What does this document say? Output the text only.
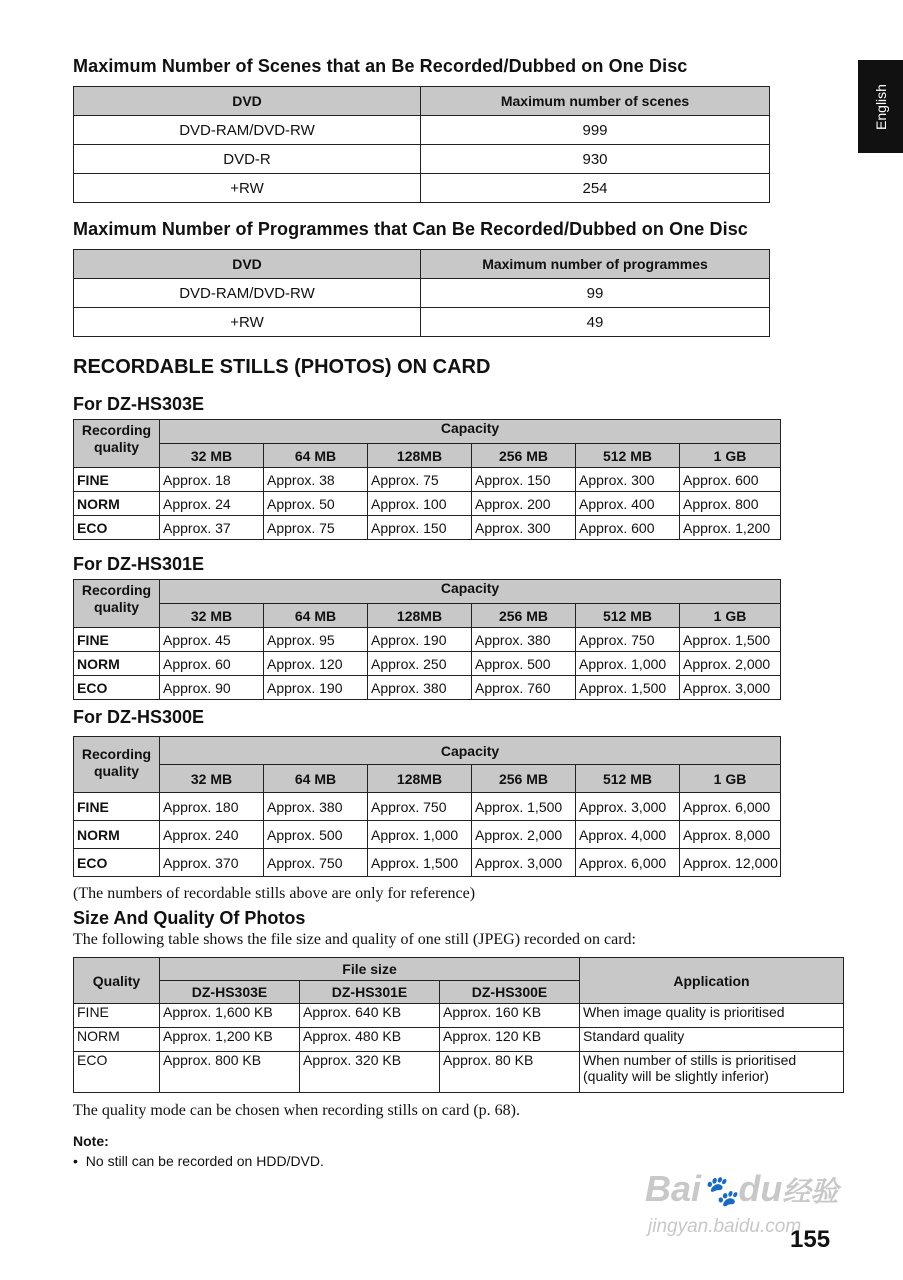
English
Maximum Number of Scenes that an Be Recorded/Dubbed on One Disc
DVD	Maximum number of scenes
DVD-RAM/DVD-RW	999
DVD-R	930
+RW	254
Maximum Number of Programmes that Can Be Recorded/Dubbed on One Disc
DVD	Maximum number of programmes
DVD-RAM/DVD-RW	99
+RW	49
RECORDABLE STILLS (PHOTOS) ON CARD
For DZ-HS303E
Recording quality	Capacity					
	32 MB	64 MB	128MB	256 MB	512 MB	1 GB
FINE	Approx. 18	Approx. 38	Approx. 75	Approx. 150	Approx. 300	Approx. 600
NORM	Approx. 24	Approx. 50	Approx. 100	Approx. 200	Approx. 400	Approx. 800
ECO	Approx. 37	Approx. 75	Approx. 150	Approx. 300	Approx. 600	Approx. 1,200
For DZ-HS301E
Recording quality	Capacity					
	32 MB	64 MB	128MB	256 MB	512 MB	1 GB
FINE	Approx. 45	Approx. 95	Approx. 190	Approx. 380	Approx. 750	Approx. 1,500
NORM	Approx. 60	Approx. 120	Approx. 250	Approx. 500	Approx. 1,000	Approx. 2,000
ECO	Approx. 90	Approx. 190	Approx. 380	Approx. 760	Approx. 1,500	Approx. 3,000
For DZ-HS300E
Recording quality	Capacity					
	32 MB	64 MB	128MB	256 MB	512 MB	1 GB
FINE	Approx. 180	Approx. 380	Approx. 750	Approx. 1,500	Approx. 3,000	Approx. 6,000
NORM	Approx. 240	Approx. 500	Approx. 1,000	Approx. 2,000	Approx. 4,000	Approx. 8,000
ECO	Approx. 370	Approx. 750	Approx. 1,500	Approx. 3,000	Approx. 6,000	Approx. 12,000
(The numbers of recordable stills above are only for reference)
Size And Quality Of Photos
The following table shows the file size and quality of one still (JPEG) recorded on card:
Quality	File size			Application
	DZ-HS303E	DZ-HS301E	DZ-HS300E	
FINE	Approx. 1,600 KB	Approx. 640 KB	Approx. 160 KB	When image quality is prioritised
NORM	Approx. 1,200 KB	Approx. 480 KB	Approx. 120 KB	Standard quality
ECO	Approx. 800 KB	Approx. 320 KB	Approx. 80 KB	When number of stills is prioritised (quality will be slightly inferior)
The quality mode can be chosen when recording stills on card (p. 68).
Note:
• No still can be recorded on HDD/DVD.
Bai🐾du经验
jingyan.baidu.com
155
